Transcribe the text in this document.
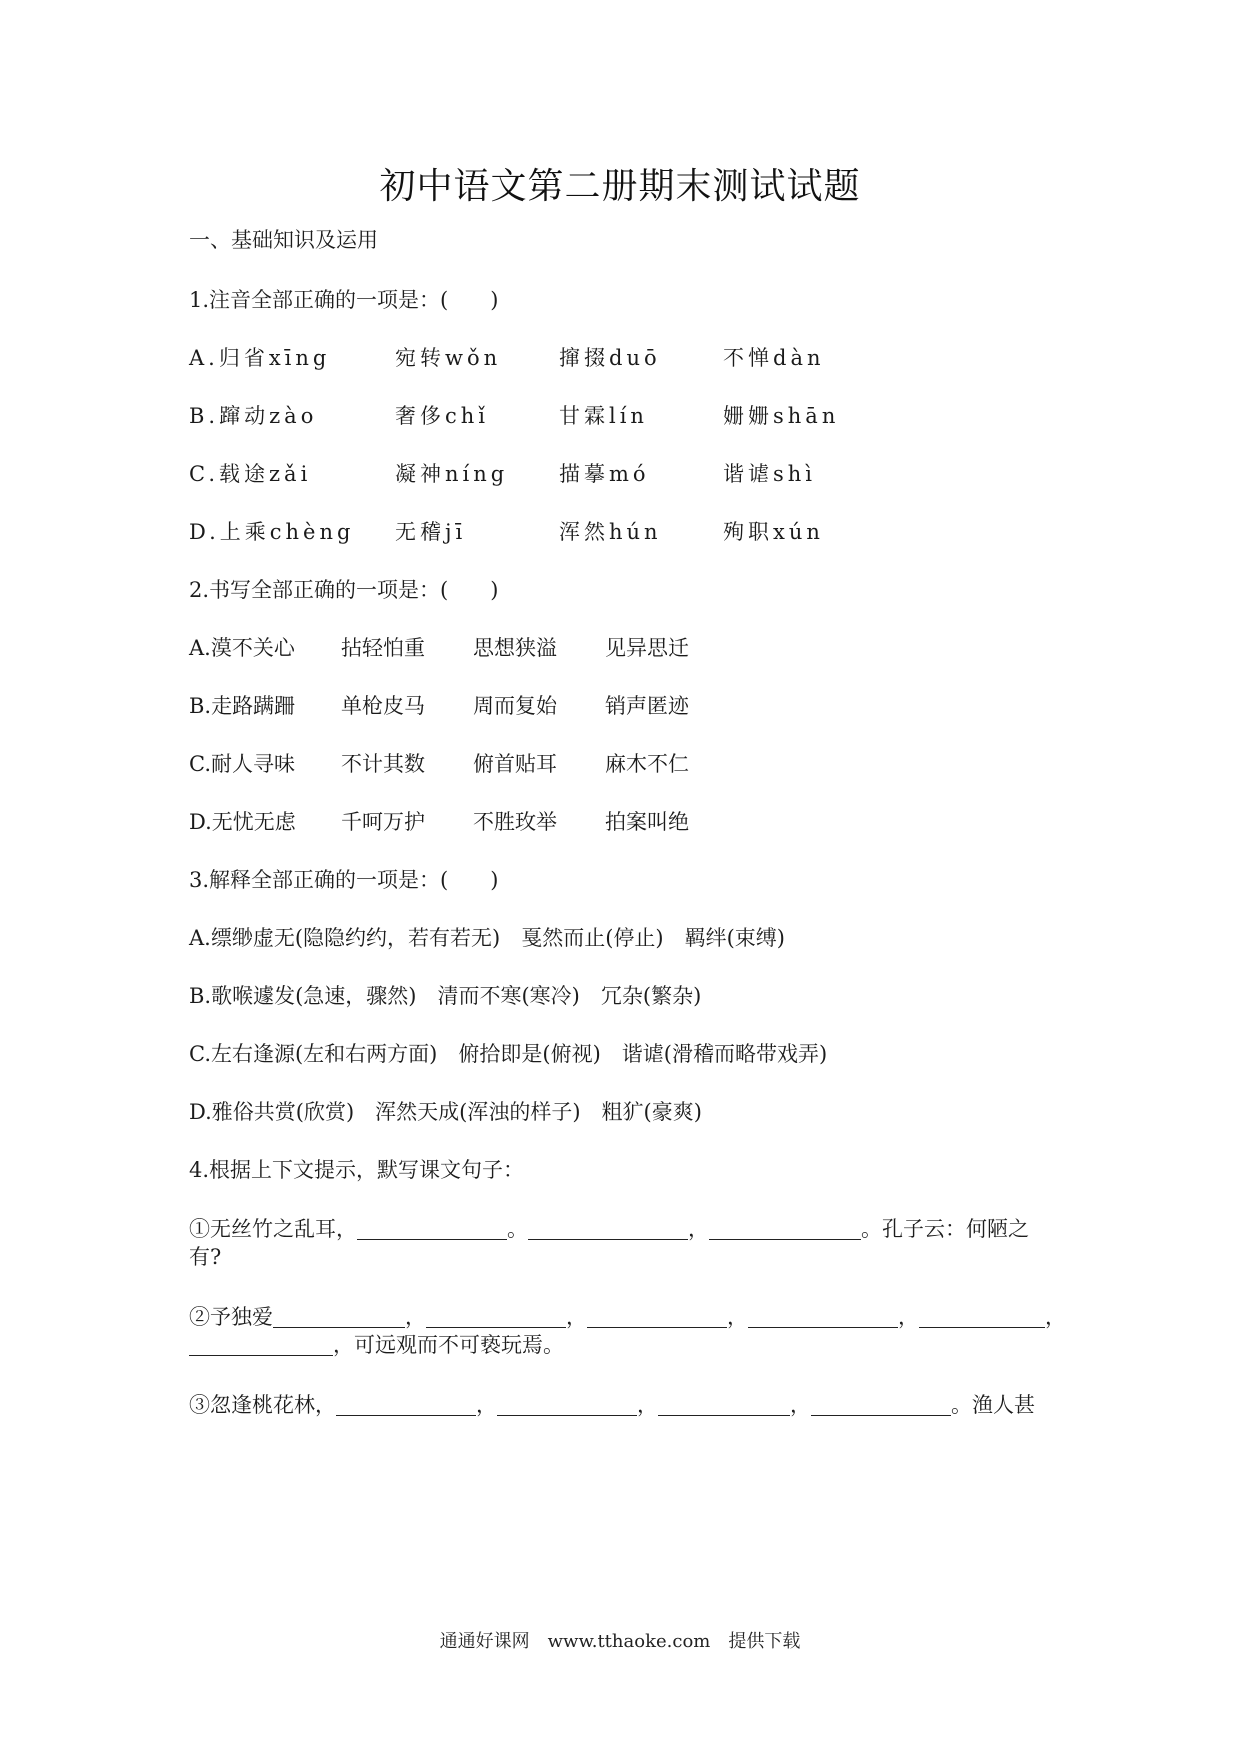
初中语文第二册期末测试试题
一、基础知识及运用
1.注音全部正确的一项是：(　　)
A.归省xīng	宛转wǒn	撺掇duō	不惮dàn
B.蹿动zào	奢侈chǐ	甘霖lín	姗姗shān
C.载途zǎi	凝神níng 描摹mó	谐谑shì
D.上乘chèng 无稽jī	浑然hún	殉职xún
2.书写全部正确的一项是：(　　)
A.漠不关心 拈轻怕重 思想狭溢 见异思迁
B.走路蹒跚 单枪皮马 周而复始 销声匿迹
C.耐人寻味 不计其数 俯首贴耳 麻木不仁
D.无忧无虑 千呵万护 不胜玫举 拍案叫绝
3.解释全部正确的一项是：(　　)
A.缥缈虚无(隐隐约约，若有若无)　戛然而止(停止)　羁绊(束缚)
B.歌喉遽发(急速，骤然)　清而不寒(寒冷)　冗杂(繁杂)
C.左右逢源(左和右两方面)　俯拾即是(俯视)　谐谑(滑稽而略带戏弄)
D.雅俗共赏(欣赏)　浑然天成(浑浊的样子)　粗犷(豪爽)
4.根据上下文提示，默写课文句子：
①无丝竹之乱耳，	。	，	。孔子云：何陋之
有?
②予独爱	，	，	，	，	，
，可远观而不可亵玩焉。
③忽逢桃花林，	，	，	，	。渔人甚
通通好课网　www.tthaoke.com　提供下载
